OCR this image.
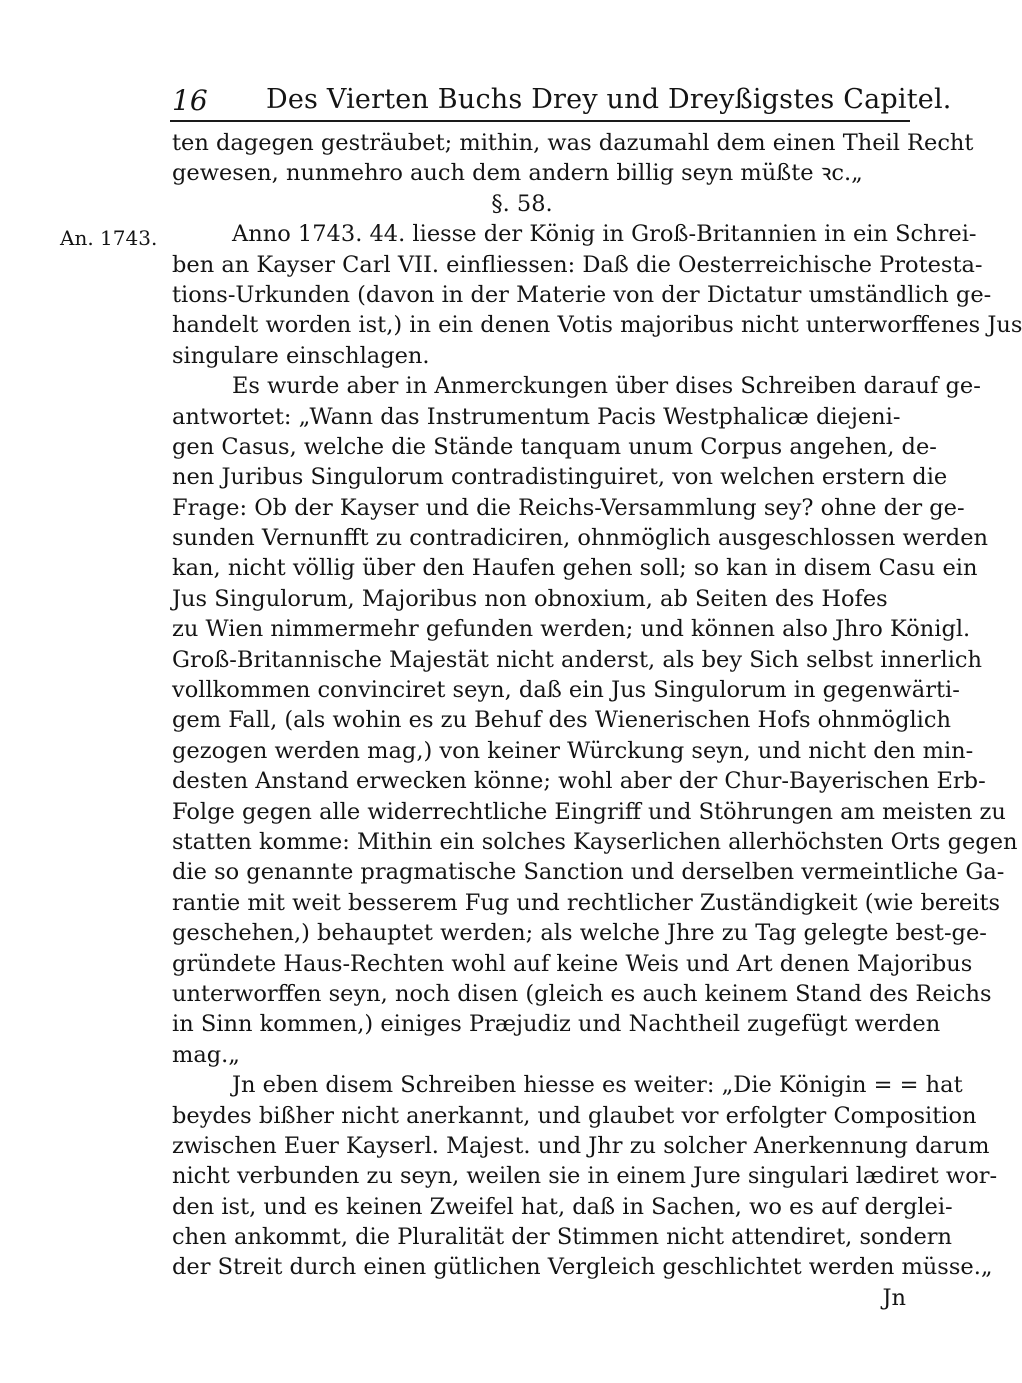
16 Des Vierten Buchs Drey und Dreyßigstes Capitel.
An. 1743.
ten dagegen gesträubet; mithin, was dazumahl dem einen Theil Recht
gewesen, nunmehro auch dem andern billig seyn müßte ꝛc.„
§. 58.
Anno 1743. 44. liesse der König in Groß-Britannien in ein Schrei-
ben an Kayser Carl VII. einfliessen: Daß die Oesterreichische Protesta-
tions-Urkunden (davon in der Materie von der Dictatur umständlich ge-
handelt worden ist,) in ein denen Votis majoribus nicht unterworffenes Jus
singulare einschlagen.
Es wurde aber in Anmerckungen über dises Schreiben darauf ge-
antwortet: „Wann das Instrumentum Pacis Westphalicæ diejeni-
gen Casus, welche die Stände tanquam unum Corpus angehen, de-
nen Juribus Singulorum contradistinguiret, von welchen erstern die
Frage: Ob der Kayser und die Reichs-Versammlung sey? ohne der ge-
sunden Vernunfft zu contradiciren, ohnmöglich ausgeschlossen werden
kan, nicht völlig über den Haufen gehen soll; so kan in disem Casu ein
Jus Singulorum, Majoribus non obnoxium, ab Seiten des Hofes
zu Wien nimmermehr gefunden werden; und können also Jhro Königl.
Groß-Britannische Majestät nicht anderst, als bey Sich selbst innerlich
vollkommen convinciret seyn, daß ein Jus Singulorum in gegenwärti-
gem Fall, (als wohin es zu Behuf des Wienerischen Hofs ohnmöglich
gezogen werden mag,) von keiner Würckung seyn, und nicht den min-
desten Anstand erwecken könne; wohl aber der Chur-Bayerischen Erb-
Folge gegen alle widerrechtliche Eingriff und Stöhrungen am meisten zu
statten komme: Mithin ein solches Kayserlichen allerhöchsten Orts gegen
die so genannte pragmatische Sanction und derselben vermeintliche Ga-
rantie mit weit besserem Fug und rechtlicher Zuständigkeit (wie bereits
geschehen,) behauptet werden; als welche Jhre zu Tag gelegte best-ge-
gründete Haus-Rechten wohl auf keine Weis und Art denen Majoribus
unterworffen seyn, noch disen (gleich es auch keinem Stand des Reichs
in Sinn kommen,) einiges Præjudiz und Nachtheil zugefügt werden
mag.„
Jn eben disem Schreiben hiesse es weiter: „Die Königin = = hat
beydes bißher nicht anerkannt, und glaubet vor erfolgter Composition
zwischen Euer Kayserl. Majest. und Jhr zu solcher Anerkennung darum
nicht verbunden zu seyn, weilen sie in einem Jure singulari lædiret wor-
den ist, und es keinen Zweifel hat, daß in Sachen, wo es auf derglei-
chen ankommt, die Pluralität der Stimmen nicht attendiret, sondern
der Streit durch einen gütlichen Vergleich geschlichtet werden müsse.„
Jn
